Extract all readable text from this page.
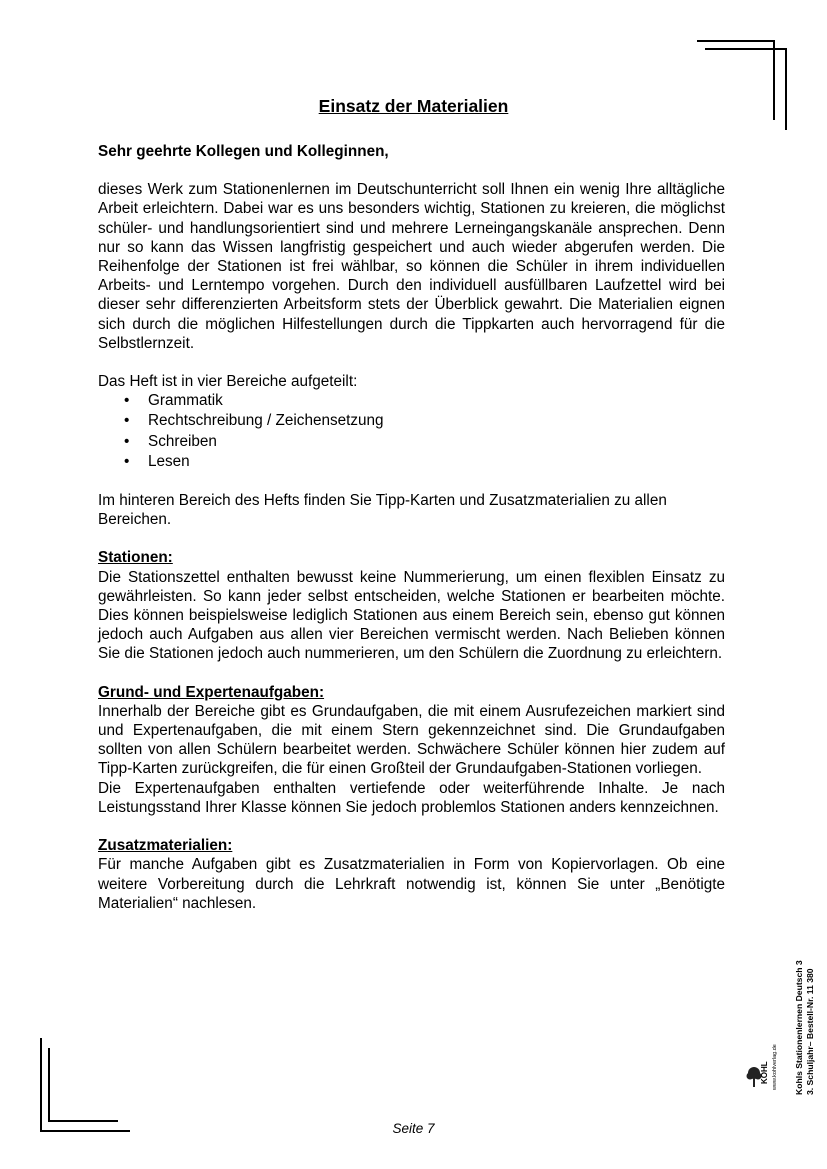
Einsatz der Materialien

Sehr geehrte Kollegen und Kolleginnen,

dieses Werk zum Stationenlernen im Deutschunterricht soll Ihnen ein wenig Ihre alltägliche Arbeit erleichtern. Dabei war es uns besonders wichtig, Stationen zu kreieren, die möglichst schüler- und handlungsorientiert sind und mehrere Lerneingangskanäle ansprechen. Denn nur so kann das Wissen langfristig gespeichert und auch wieder abgerufen werden. Die Reihenfolge der Stationen ist frei wählbar, so können die Schüler in ihrem individuellen Arbeits- und Lerntempo vorgehen. Durch den individuell ausfüllbaren Laufzettel wird bei dieser sehr differenzierten Arbeitsform stets der Überblick gewahrt. Die Materialien eignen sich durch die möglichen Hilfestellungen durch die Tippkarten auch hervorragend für die Selbstlernzeit.

Das Heft ist in vier Bereiche aufgeteilt:

• Grammatik
• Rechtschreibung / Zeichensetzung
• Schreiben
• Lesen

Im hinteren Bereich des Hefts finden Sie Tipp-Karten und Zusatzmaterialien zu allen Bereichen.

Stationen:

Die Stationszettel enthalten bewusst keine Nummerierung, um einen flexiblen Einsatz zu gewährleisten. So kann jeder selbst entscheiden, welche Stationen er bearbeiten möchte. Dies können beispielsweise lediglich Stationen aus einem Bereich sein, ebenso gut können jedoch auch Aufgaben aus allen vier Bereichen vermischt werden. Nach Belieben können Sie die Stationen jedoch auch nummerieren, um den Schülern die Zuordnung zu erleichtern.

Grund- und Expertenaufgaben:

Innerhalb der Bereiche gibt es Grundaufgaben, die mit einem Ausrufezeichen markiert sind und Expertenaufgaben, die mit einem Stern gekennzeichnet sind. Die Grundaufgaben sollten von allen Schülern bearbeitet werden. Schwächere Schüler können hier zudem auf Tipp-Karten zurückgreifen, die für einen Großteil der Grundaufgaben-Stationen vorliegen.

Die Expertenaufgaben enthalten vertiefende oder weiterführende Inhalte. Je nach Leistungsstand Ihrer Klasse können Sie jedoch problemlos Stationen anders kennzeichnen.

Zusatzmaterialien:

Für manche Aufgaben gibt es Zusatzmaterialien in Form von Kopiervorlagen. Ob eine weitere Vorbereitung durch die Lehrkraft notwendig ist, können Sie unter „Benötigte Materialien“ nachlesen.

Kohls Stationenlernen Deutsch 3 3. Schuljahr– Bestell-Nr. 11 380
KOHL www.kohlverlag.de
Seite 7
